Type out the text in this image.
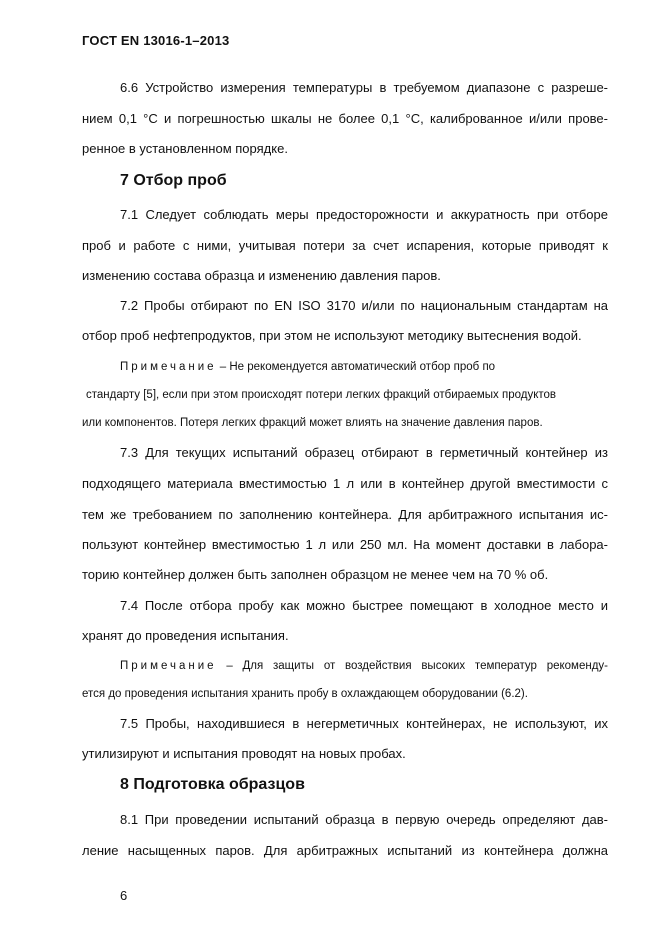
ГОСТ EN 13016-1–2013
6.6 Устройство измерения температуры в требуемом диапазоне с разреше-
нием 0,1 °C и погрешностью шкалы не более 0,1 °C, калиброванное и/или прове-
ренное в установленном порядке.
7 Отбор проб
7.1 Следует соблюдать меры предосторожности и аккуратность при отборе
проб и работе с ними, учитывая потери за счет испарения, которые приводят к
изменению состава образца и изменению давления паров.
7.2 Пробы отбирают по EN ISO 3170 и/или по национальным стандартам на
отбор проб нефтепродуктов, при этом не используют методику вытеснения водой.
Примечание – Не рекомендуется автоматический отбор проб по
стандарту [5], если при этом происходят потери легких фракций отбираемых продуктов
или компонентов. Потеря легких фракций может влиять на значение давления паров.
7.3 Для текущих испытаний образец отбирают в герметичный контейнер из
подходящего материала вместимостью 1 л или в контейнер другой вместимости с
тем же требованием по заполнению контейнера. Для арбитражного испытания ис-
пользуют контейнер вместимостью 1 л или 250 мл. На момент доставки в лабора-
торию контейнер должен быть заполнен образцом не менее чем на 70 % об.
7.4 После отбора пробу как можно быстрее помещают в холодное место и
хранят до проведения испытания.
Примечание – Для защиты от воздействия высоких температур рекоменду-
ется до проведения испытания хранить пробу в охлаждающем оборудовании (6.2).
7.5 Пробы, находившиеся в негерметичных контейнерах, не используют, их
утилизируют и испытания проводят на новых пробах.
8 Подготовка образцов
8.1 При проведении испытаний образца в первую очередь определяют дав-
ление насыщенных паров. Для арбитражных испытаний из контейнера должна
6
